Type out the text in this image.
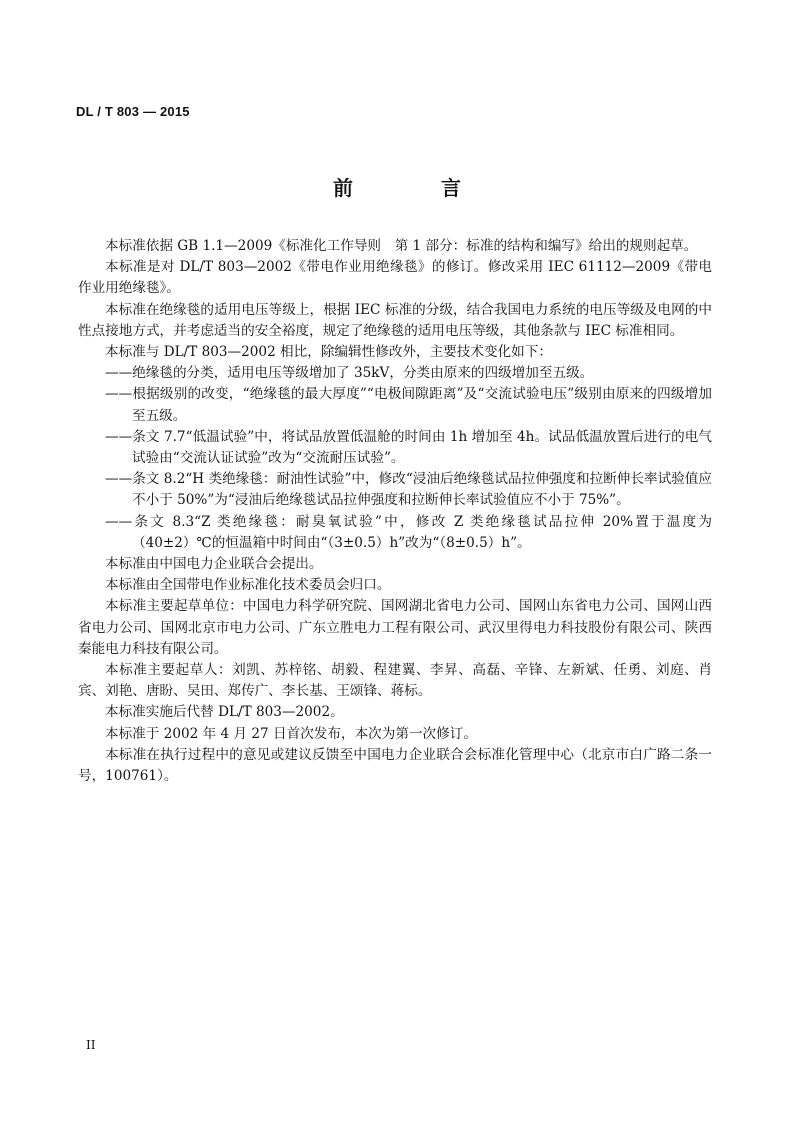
DL / T 803 — 2015
前　言

本标准依据 GB 1.1—2009《标准化工作导则　第 1 部分：标准的结构和编写》给出的规则起草。

本标准是对 DL/T 803—2002《带电作业用绝缘毯》的修订。修改采用 IEC 61112—2009《带电作业用绝缘毯》。

本标准在绝缘毯的适用电压等级上，根据 IEC 标准的分级，结合我国电力系统的电压等级及电网的中性点接地方式，并考虑适当的安全裕度，规定了绝缘毯的适用电压等级，其他条款与 IEC 标准相同。

本标准与 DL/T 803—2002 相比，除编辑性修改外，主要技术变化如下：

——绝缘毯的分类，适用电压等级增加了 35kV，分类由原来的四级增加至五级。

——根据级别的改变，“绝缘毯的最大厚度”“电极间隙距离”及“交流试验电压”级别由原来的四级增加至五级。

——条文 7.7“低温试验”中，将试品放置低温舱的时间由 1h 增加至 4h。试品低温放置后进行的电气试验由“交流认证试验”改为“交流耐压试验”。

——条文 8.2“H 类绝缘毯：耐油性试验”中，修改“浸油后绝缘毯试品拉伸强度和拉断伸长率试验值应不小于 50%”为“浸油后绝缘毯试品拉伸强度和拉断伸长率试验值应不小于 75%”。

——条文 8.3“Z 类绝缘毯：耐臭氧试验”中，修改 Z 类绝缘毯试品拉伸 20%置于温度为（40±2）℃的恒温箱中时间由“（3±0.5）h”改为“（8±0.5）h”。

本标准由中国电力企业联合会提出。

本标准由全国带电作业标准化技术委员会归口。

本标准主要起草单位：中国电力科学研究院、国网湖北省电力公司、国网山东省电力公司、国网山西省电力公司、国网北京市电力公司、广东立胜电力工程有限公司、武汉里得电力科技股份有限公司、陕西秦能电力科技有限公司。

本标准主要起草人：刘凯、苏梓铭、胡毅、程建翼、李昇、高磊、辛锋、左新斌、任勇、刘庭、肖宾、刘艳、唐盼、吴田、郑传广、李长基、王颂锋、蒋标。

本标准实施后代替 DL/T 803—2002。

本标准于 2002 年 4 月 27 日首次发布，本次为第一次修订。

本标准在执行过程中的意见或建议反馈至中国电力企业联合会标准化管理中心（北京市白广路二条一号，100761）。

II
